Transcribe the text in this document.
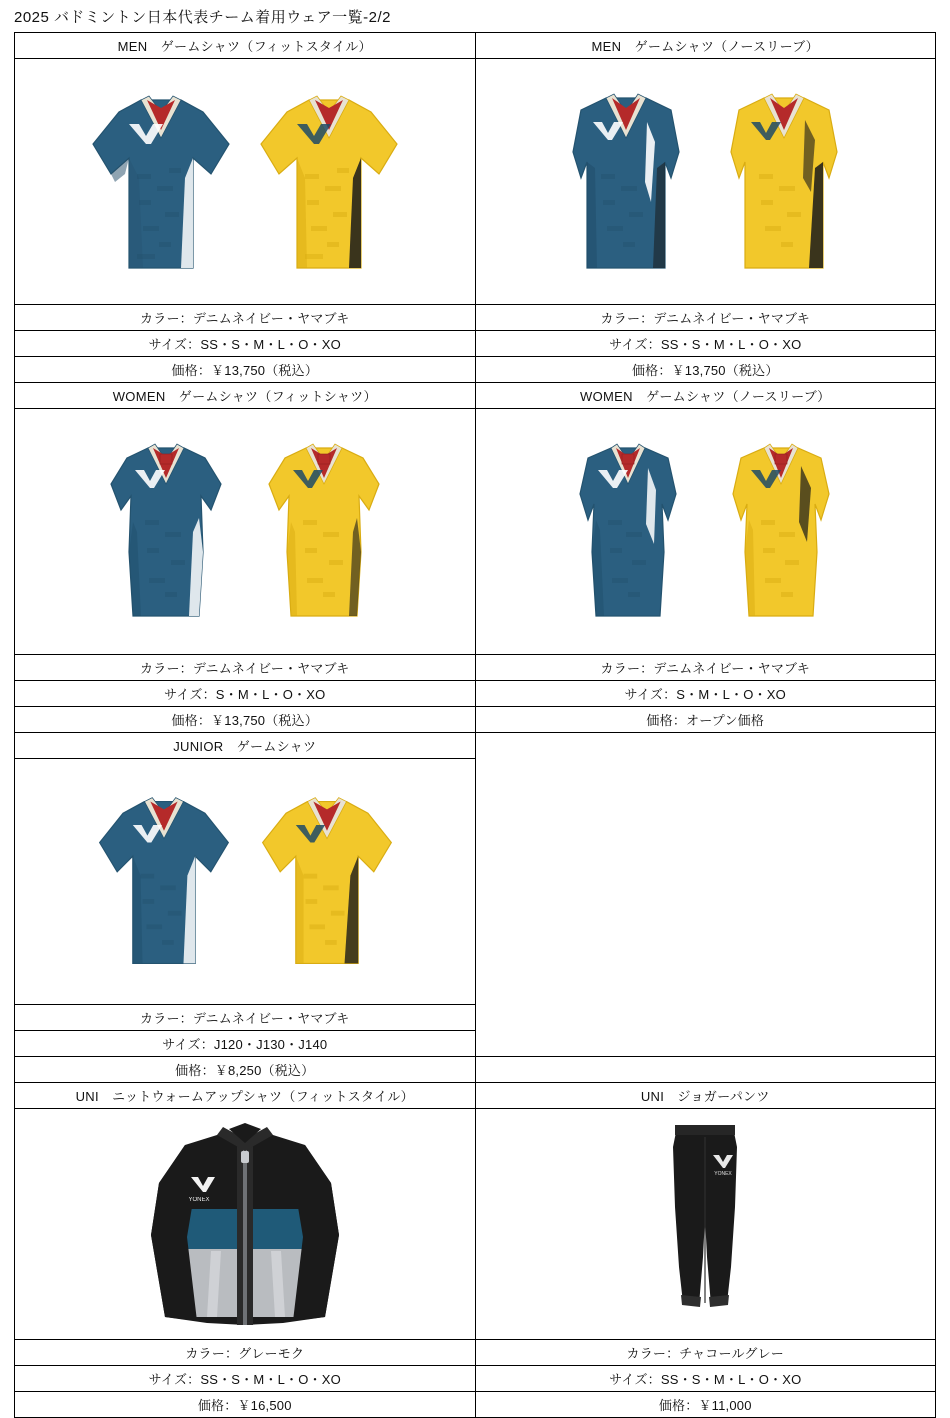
2025 バドミントン日本代表チーム着用ウェア一覧-2/2
MEN　ゲームシャツ（フィットスタイル）	MEN　ゲームシャツ（ノースリーブ）

カラー：デニムネイビー・ヤマブキ	カラー：デニムネイビー・ヤマブキ
サイズ：SS・S・M・L・O・XO	サイズ：SS・S・M・L・O・XO
価格：￥13,750（税込）	価格：￥13,750（税込）
WOMEN　ゲームシャツ（フィットシャツ）	WOMEN　ゲームシャツ（ノースリーブ）

カラー：デニムネイビー・ヤマブキ	カラー：デニムネイビー・ヤマブキ
サイズ：S・M・L・O・XO	サイズ：S・M・L・O・XO
価格：￥13,750（税込）	価格：オープン価格
JUNIOR　ゲームシャツ	

カラー：デニムネイビー・ヤマブキ	
サイズ：J120・J130・J140	
価格：￥8,250（税込）	
UNI　ニットウォームアップシャツ（フィットスタイル）	UNI　ジョガーパンツ

YONEX	YONEX

カラー：グレーモク	カラー：チャコールグレー
サイズ：SS・S・M・L・O・XO	サイズ：SS・S・M・L・O・XO
価格：￥16,500	価格：￥11,000
